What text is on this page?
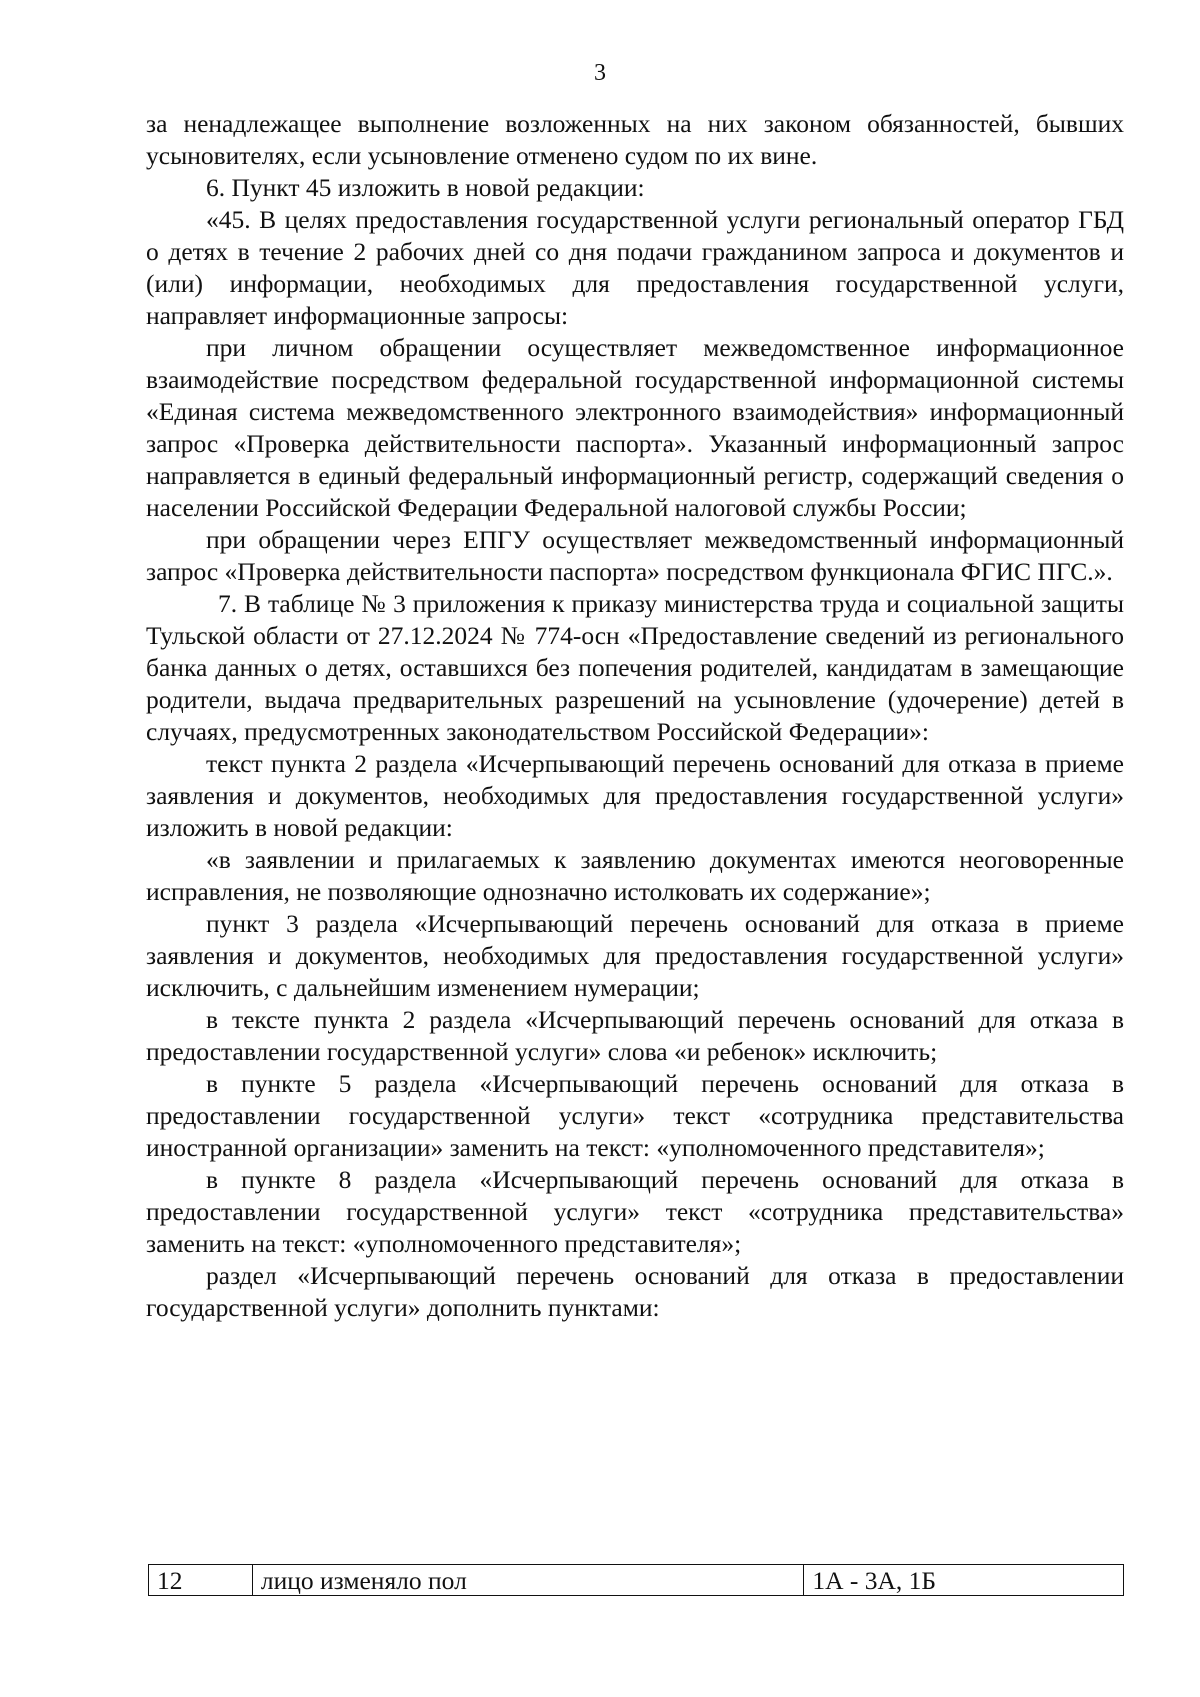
3

за ненадлежащее выполнение возложенных на них законом обязанностей, бывших усыновителях, если усыновление отменено судом по их вине.

6. Пункт 45 изложить в новой редакции:

«45. В целях предоставления государственной услуги региональный оператор ГБД о детях в течение 2 рабочих дней со дня подачи гражданином запроса и документов и (или) информации, необходимых для предоставления государственной услуги, направляет информационные запросы:

при личном обращении осуществляет межведомственное информационное взаимодействие посредством федеральной государственной информационной системы «Единая система межведомственного электронного взаимодействия» информационный запрос «Проверка действительности паспорта». Указанный информационный запрос направляется в единый федеральный информационный регистр, содержащий сведения о населении Российской Федерации Федеральной налоговой службы России;

при обращении через ЕПГУ осуществляет межведомственный информационный запрос «Проверка действительности паспорта» посредством функционала ФГИС ПГС.».

7. В таблице № 3 приложения к приказу министерства труда и социальной защиты Тульской области от 27.12.2024 № 774-осн «Предоставление сведений из регионального банка данных о детях, оставшихся без попечения родителей, кандидатам в замещающие родители, выдача предварительных разрешений на усыновление (удочерение) детей в случаях, предусмотренных законодательством Российской Федерации»:

текст пункта 2 раздела «Исчерпывающий перечень оснований для отказа в приеме заявления и документов, необходимых для предоставления государственной услуги» изложить в новой редакции:

«в заявлении и прилагаемых к заявлению документах имеются неоговоренные исправления, не позволяющие однозначно истолковать их содержание»;

пункт 3 раздела «Исчерпывающий перечень оснований для отказа в приеме заявления и документов, необходимых для предоставления государственной услуги» исключить, с дальнейшим изменением нумерации;

в тексте пункта 2 раздела «Исчерпывающий перечень оснований для отказа в предоставлении государственной услуги» слова «и ребенок» исключить;

в пункте 5 раздела «Исчерпывающий перечень оснований для отказа в предоставлении государственной услуги» текст «сотрудника представительства иностранной организации» заменить на текст: «уполномоченного представителя»;

в пункте 8 раздела «Исчерпывающий перечень оснований для отказа в предоставлении государственной услуги» текст «сотрудника представительства» заменить на текст: «уполномоченного представителя»;

раздел «Исчерпывающий перечень оснований для отказа в предоставлении государственной услуги» дополнить пунктами:

12	лицо изменяло пол	1А - 3А, 1Б
